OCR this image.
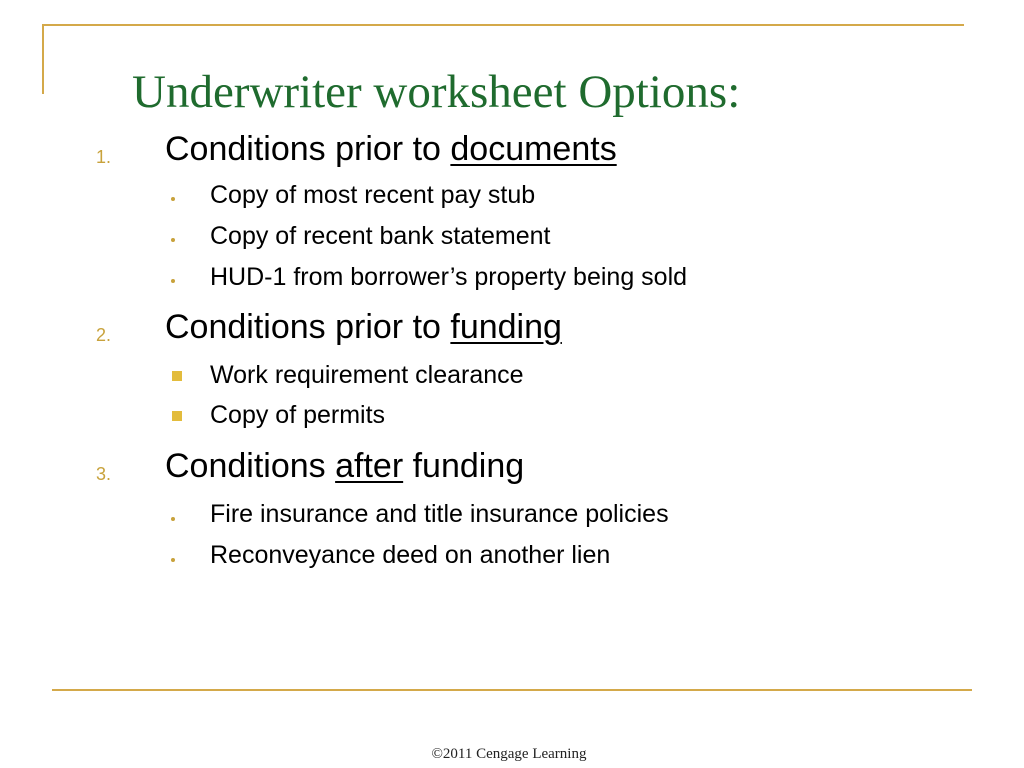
Underwriter worksheet Options:
1. Conditions prior to documents
Copy of most recent pay stub
Copy of recent bank statement
HUD-1 from borrower’s property being sold
2. Conditions prior to funding
Work requirement clearance
Copy of permits
3. Conditions after funding
Fire insurance and title insurance policies
Reconveyance deed on another lien
©2011 Cengage Learning
